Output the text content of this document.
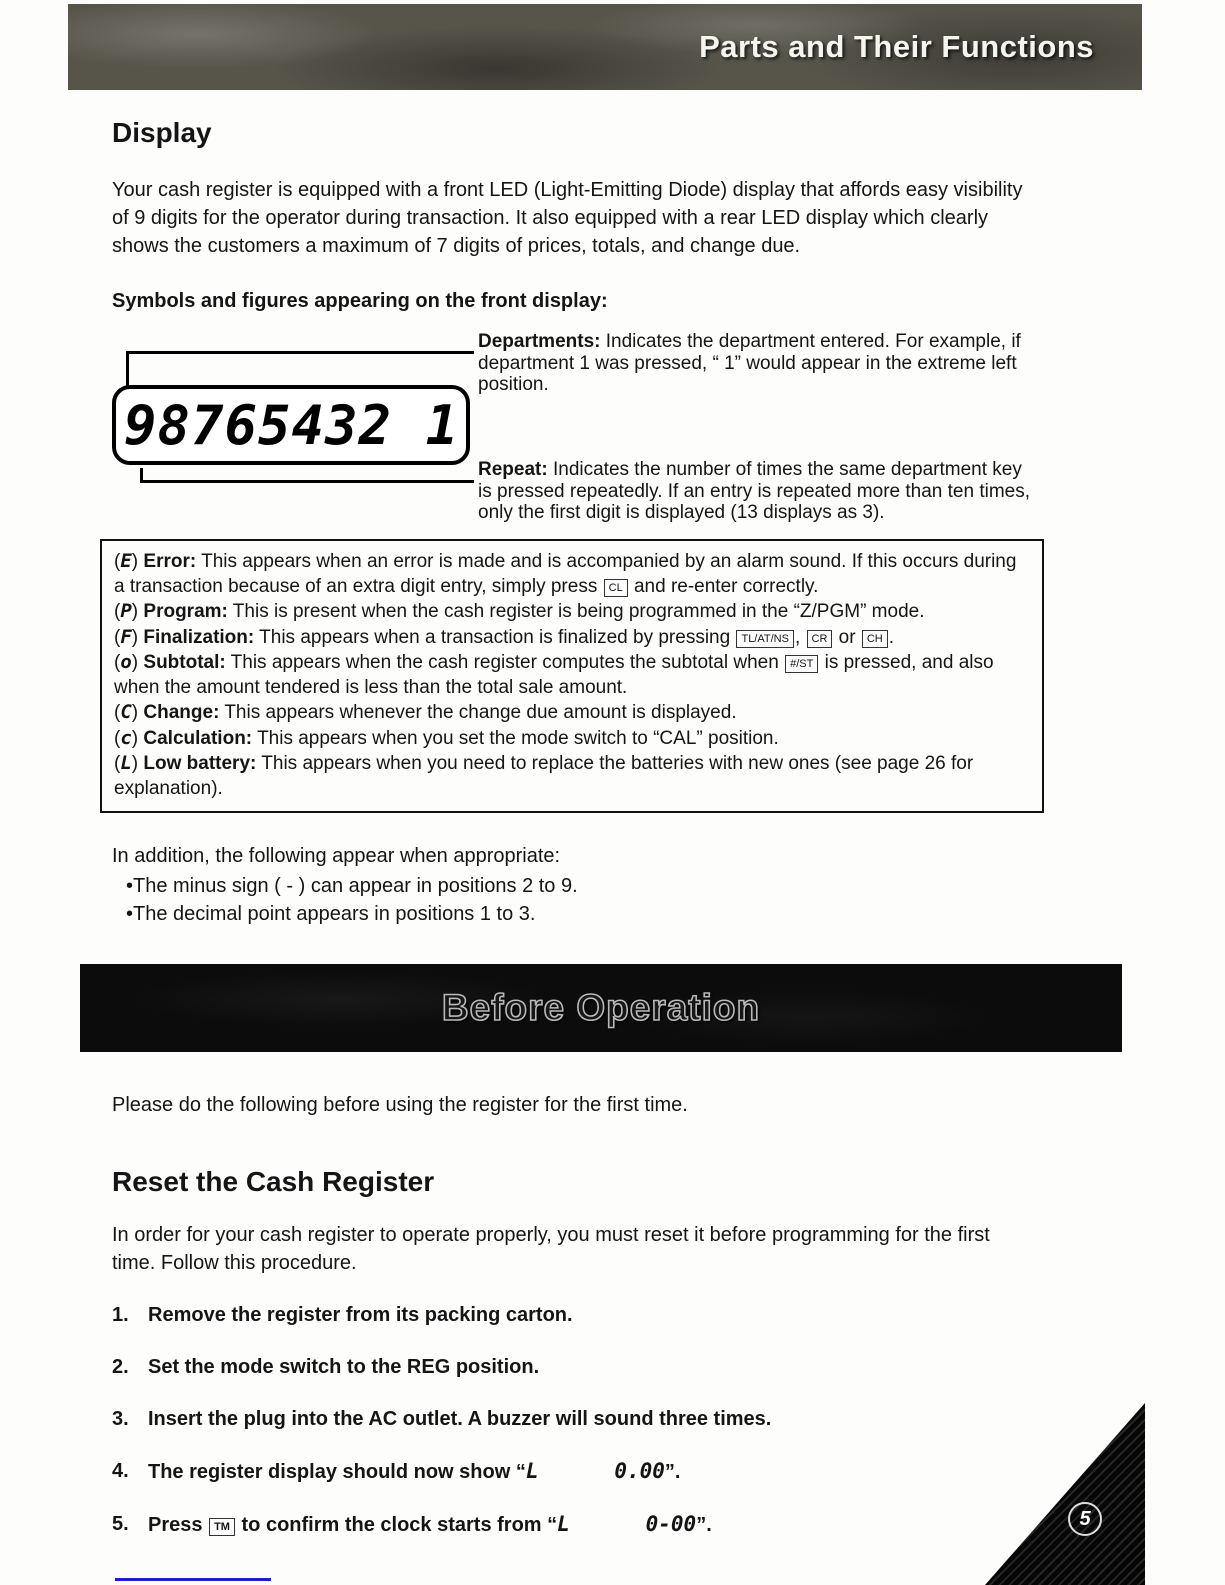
Parts and Their Functions
Display

Your cash register is equipped with a front LED (Light-Emitting Diode) display that affords easy visibility of 9 digits for the operator during transaction. It also equipped with a rear LED display which clearly shows the customers a maximum of 7 digits of prices, totals, and change due.

Symbols and figures appearing on the front display:

98765432 1
Departments: Indicates the department entered. For example, if department 1 was pressed, “ 1” would appear in the extreme left position.
Repeat: Indicates the number of times the same department key is pressed repeatedly. If an entry is repeated more than ten times, only the first digit is displayed (13 displays as 3).
(E) Error: This appears when an error is made and is accompanied by an alarm sound. If this occurs during a transaction because of an extra digit entry, simply press CL and re-enter correctly.
(P) Program: This is present when the cash register is being programmed in the “Z/PGM” mode.
(F) Finalization: This appears when a transaction is finalized by pressing TL/AT/NS , CR or CH .
(o) Subtotal: This appears when the cash register computes the subtotal when #/ST is pressed, and also when the amount tendered is less than the total sale amount.
(C) Change: This appears whenever the change due amount is displayed.
(c) Calculation: This appears when you set the mode switch to “CAL” position.
(L) Low battery: This appears when you need to replace the batteries with new ones (see page 26 for explanation).

In addition, the following appear when appropriate:

•The minus sign ( - ) can appear in positions 2 to 9.
•The decimal point appears in positions 1 to 3.
Before Operation

Please do the following before using the register for the first time.

Reset the Cash Register

In order for your cash register to operate properly, you must reset it before programming for the first time. Follow this procedure.

1. Remove the register from its packing carton.
2. Set the mode switch to the REG position.
3. Insert the plug into the AC outlet. A buzzer will sound three times.
4. The register display should now show “L      0.00”.
5. Press TM to confirm the clock starts from “L      0-00”.	5
